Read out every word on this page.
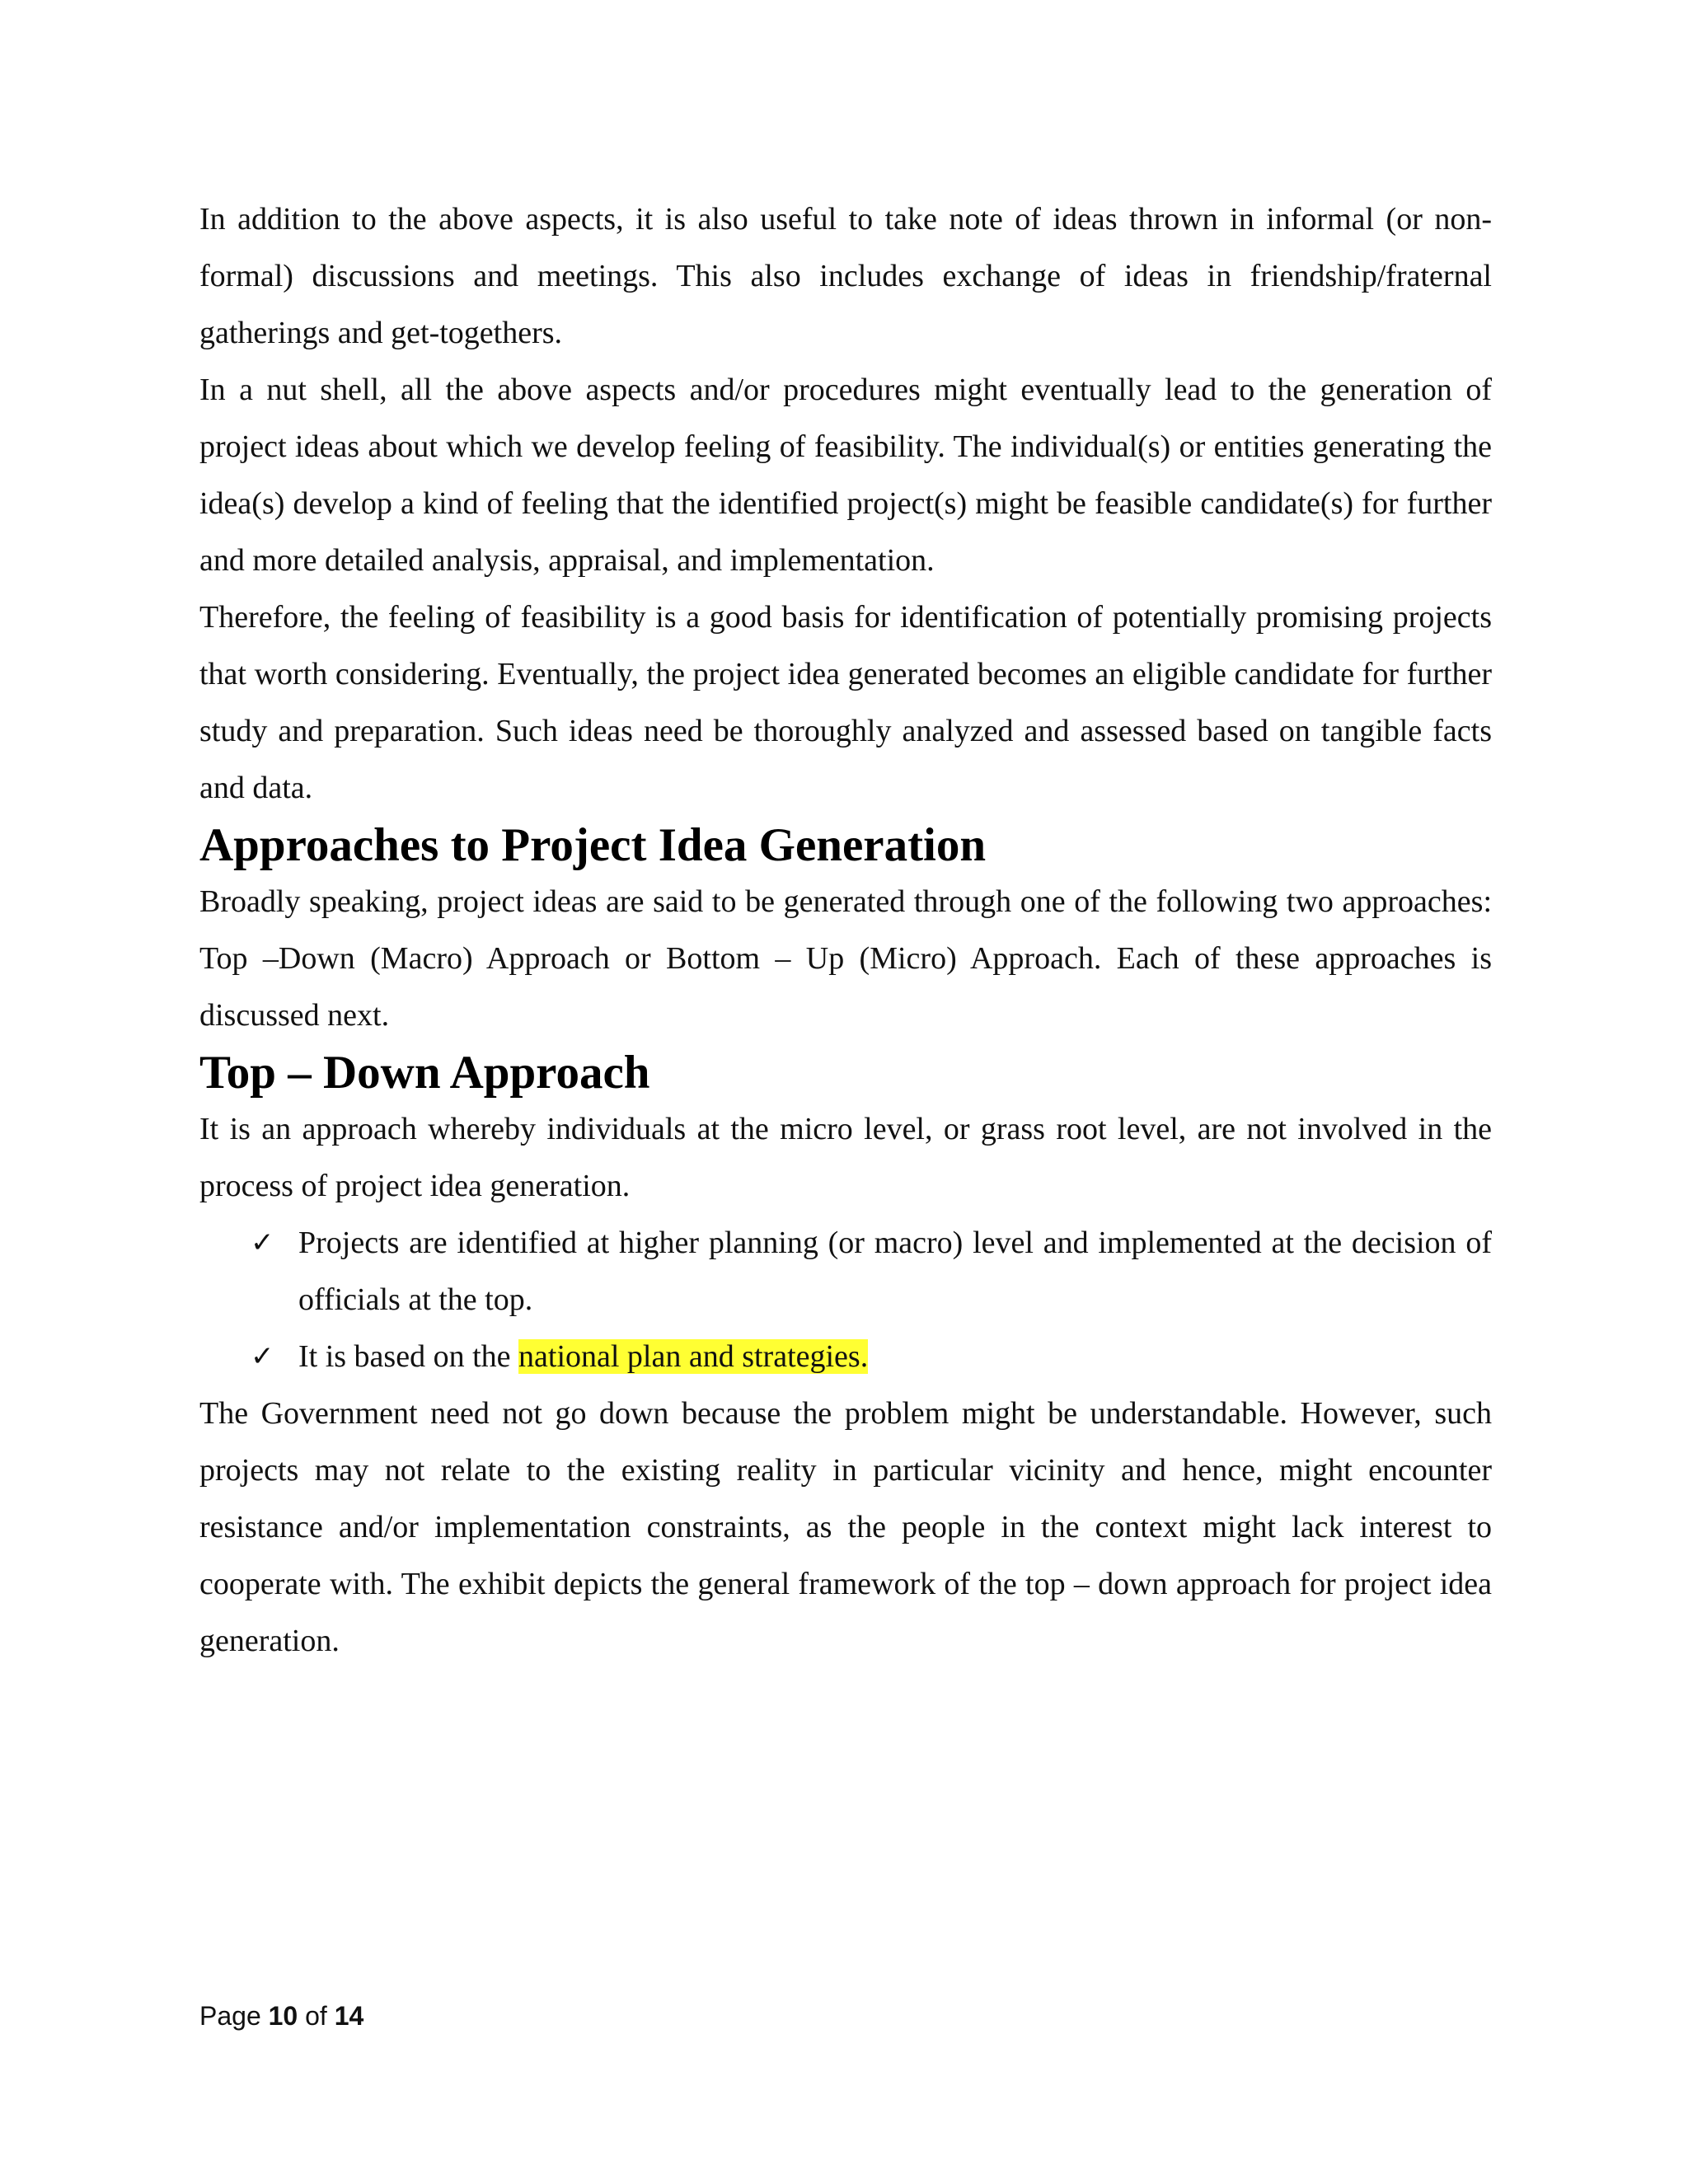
In addition to the above aspects, it is also useful to take note of ideas thrown in informal (or non-formal) discussions and meetings. This also includes exchange of ideas in friendship/fraternal gatherings and get-togethers.

In a nut shell, all the above aspects and/or procedures might eventually lead to the generation of project ideas about which we develop feeling of feasibility. The individual(s) or entities generating the idea(s) develop a kind of feeling that the identified project(s) might be feasible candidate(s) for further and more detailed analysis, appraisal, and implementation.

Therefore, the feeling of feasibility is a good basis for identification of potentially promising projects that worth considering. Eventually, the project idea generated becomes an eligible candidate for further study and preparation. Such ideas need be thoroughly analyzed and assessed based on tangible facts and data.

Approaches to Project Idea Generation

Broadly speaking, project ideas are said to be generated through one of the following two approaches: Top –Down (Macro) Approach or Bottom – Up (Micro) Approach. Each of these approaches is discussed next.

Top – Down Approach

It is an approach whereby individuals at the micro level, or grass root level, are not involved in the process of project idea generation.

✓ Projects are identified at higher planning (or macro) level and implemented at the decision of officials at the top.
✓ It is based on the national plan and strategies.

The Government need not go down because the problem might be understandable. However, such projects may not relate to the existing reality in particular vicinity and hence, might encounter resistance and/or implementation constraints, as the people in the context might lack interest to cooperate with. The exhibit depicts the general framework of the top – down approach for project idea generation.

Page 10 of 14
